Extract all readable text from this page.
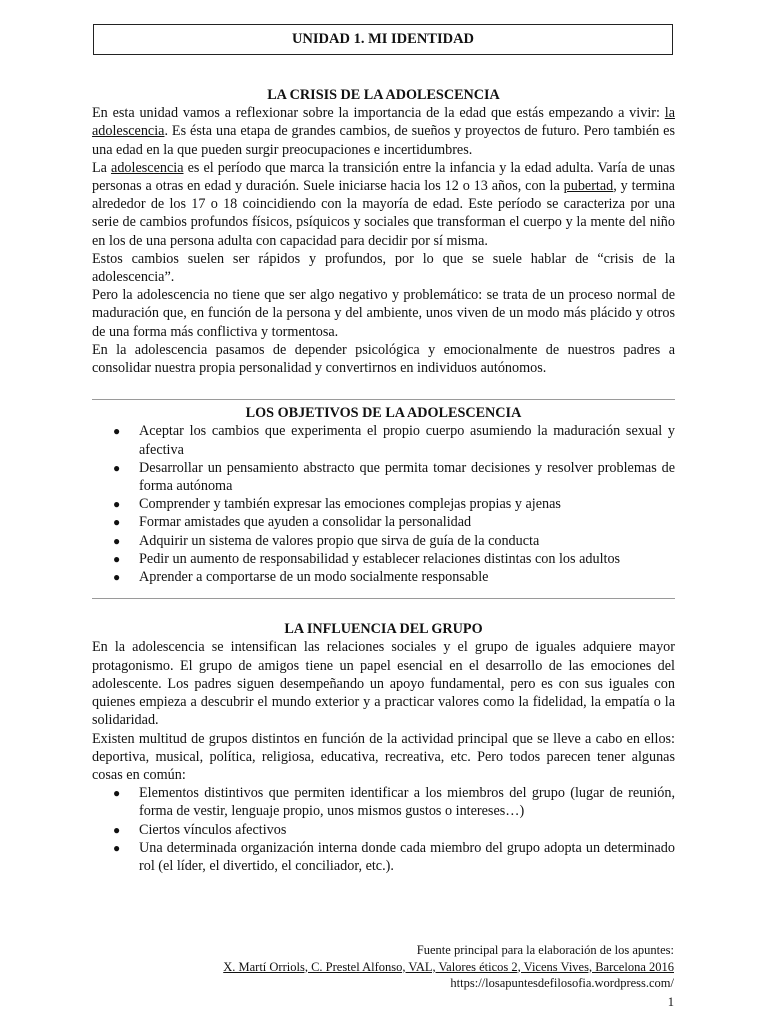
UNIDAD 1. MI IDENTIDAD
LA CRISIS DE LA ADOLESCENCIA

En esta unidad vamos a reflexionar sobre la importancia de la edad que estás empezando a vivir: la adolescencia. Es ésta una etapa de grandes cambios, de sueños y proyectos de futuro. Pero también es una edad en la que pueden surgir preocupaciones e incertidumbres.

La adolescencia es el período que marca la transición entre la infancia y la edad adulta. Varía de unas personas a otras en edad y duración. Suele iniciarse hacia los 12 o 13 años, con la pubertad, y termina alrededor de los 17 o 18 coincidiendo con la mayoría de edad. Este período se caracteriza por una serie de cambios profundos físicos, psíquicos y sociales que transforman el cuerpo y la mente del niño en los de una persona adulta con capacidad para decidir por sí misma.

Estos cambios suelen ser rápidos y profundos, por lo que se suele hablar de “crisis de la adolescencia”.

Pero la adolescencia no tiene que ser algo negativo y problemático: se trata de un proceso normal de maduración que, en función de la persona y del ambiente, unos viven de un modo más plácido y otros de una forma más conflictiva y tormentosa.

En la adolescencia pasamos de depender psicológica y emocionalmente de nuestros padres a consolidar nuestra propia personalidad y convertirnos en individuos autónomos.

LOS OBJETIVOS DE LA ADOLESCENCIA
● Aceptar los cambios que experimenta el propio cuerpo asumiendo la maduración sexual y afectiva
● Desarrollar un pensamiento abstracto que permita tomar decisiones y resolver problemas de forma autónoma
● Comprender y también expresar las emociones complejas propias y ajenas
● Formar amistades que ayuden a consolidar la personalidad
● Adquirir un sistema de valores propio que sirva de guía de la conducta
● Pedir un aumento de responsabilidad y establecer relaciones distintas con los adultos
● Aprender a comportarse de un modo socialmente responsable
LA INFLUENCIA DEL GRUPO

En la adolescencia se intensifican las relaciones sociales y el grupo de iguales adquiere mayor protagonismo. El grupo de amigos tiene un papel esencial en el desarrollo de las emociones del adolescente. Los padres siguen desempeñando un apoyo fundamental, pero es con sus iguales con quienes empieza a descubrir el mundo exterior y a practicar valores como la fidelidad, la empatía o la solidaridad.

Existen multitud de grupos distintos en función de la actividad principal que se lleve a cabo en ellos: deportiva, musical, política, religiosa, educativa, recreativa, etc. Pero todos parecen tener algunas cosas en común:

● Elementos distintivos que permiten identificar a los miembros del grupo (lugar de reunión, forma de vestir, lenguaje propio, unos mismos gustos o intereses…)
● Ciertos vínculos afectivos
● Una determinada organización interna donde cada miembro del grupo adopta un determinado rol (el líder, el divertido, el conciliador, etc.).
Fuente principal para la elaboración de los apuntes:
X. Martí Orriols, C. Prestel Alfonso, VAL, Valores éticos 2, Vicens Vives, Barcelona 2016
https://losapuntesdefilosofia.wordpress.com/
1
